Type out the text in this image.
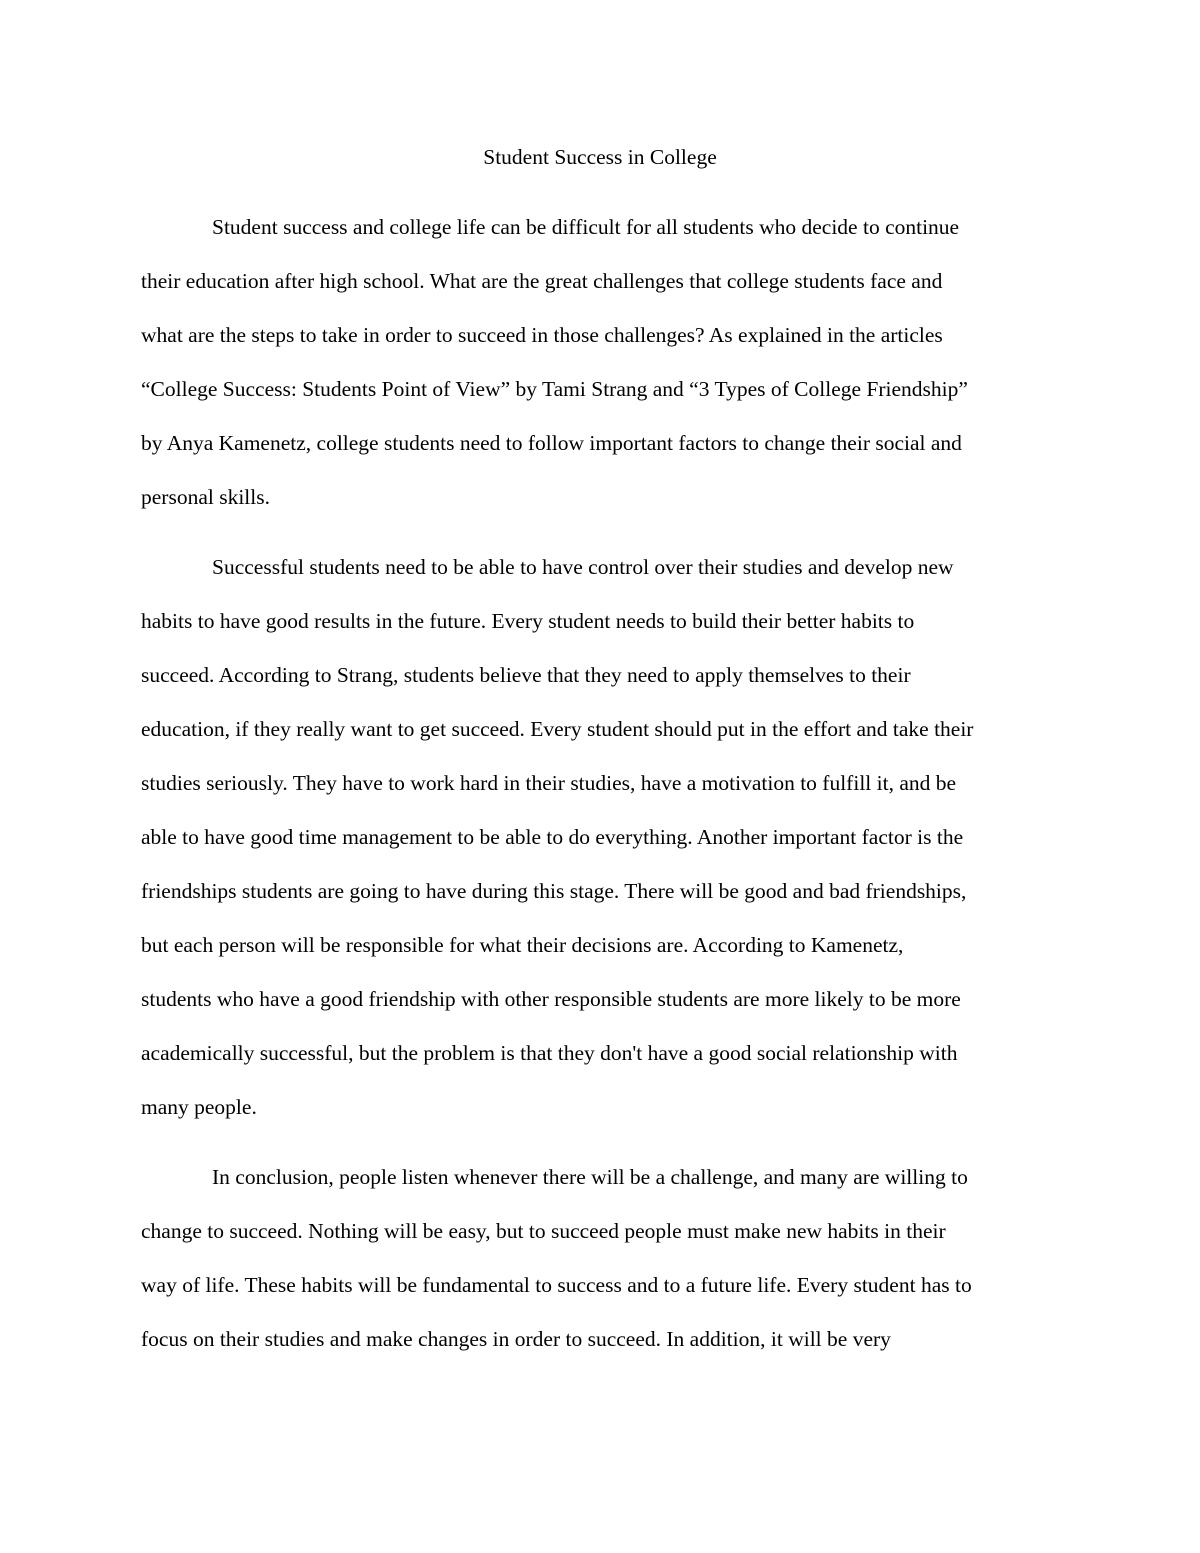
Student Success in College
Student success and college life can be difficult for all students who decide to continue
their education after high school. What are the great challenges that college students face and
what are the steps to take in order to succeed in those challenges? As explained in the articles
“College Success: Students Point of View” by Tami Strang and “3 Types of College Friendship”
by Anya Kamenetz, college students need to follow important factors to change their social and
personal skills.
Successful students need to be able to have control over their studies and develop new
habits to have good results in the future. Every student needs to build their better habits to
succeed. According to Strang, students believe that they need to apply themselves to their
education, if they really want to get succeed. Every student should put in the effort and take their
studies seriously. They have to work hard in their studies, have a motivation to fulfill it, and be
able to have good time management to be able to do everything. Another important factor is the
friendships students are going to have during this stage. There will be good and bad friendships,
but each person will be responsible for what their decisions are. According to Kamenetz,
students who have a good friendship with other responsible students are more likely to be more
academically successful, but the problem is that they don't have a good social relationship with
many people.
In conclusion, people listen whenever there will be a challenge, and many are willing to
change to succeed. Nothing will be easy, but to succeed people must make new habits in their
way of life. These habits will be fundamental to success and to a future life. Every student has to
focus on their studies and make changes in order to succeed. In addition, it will be very
